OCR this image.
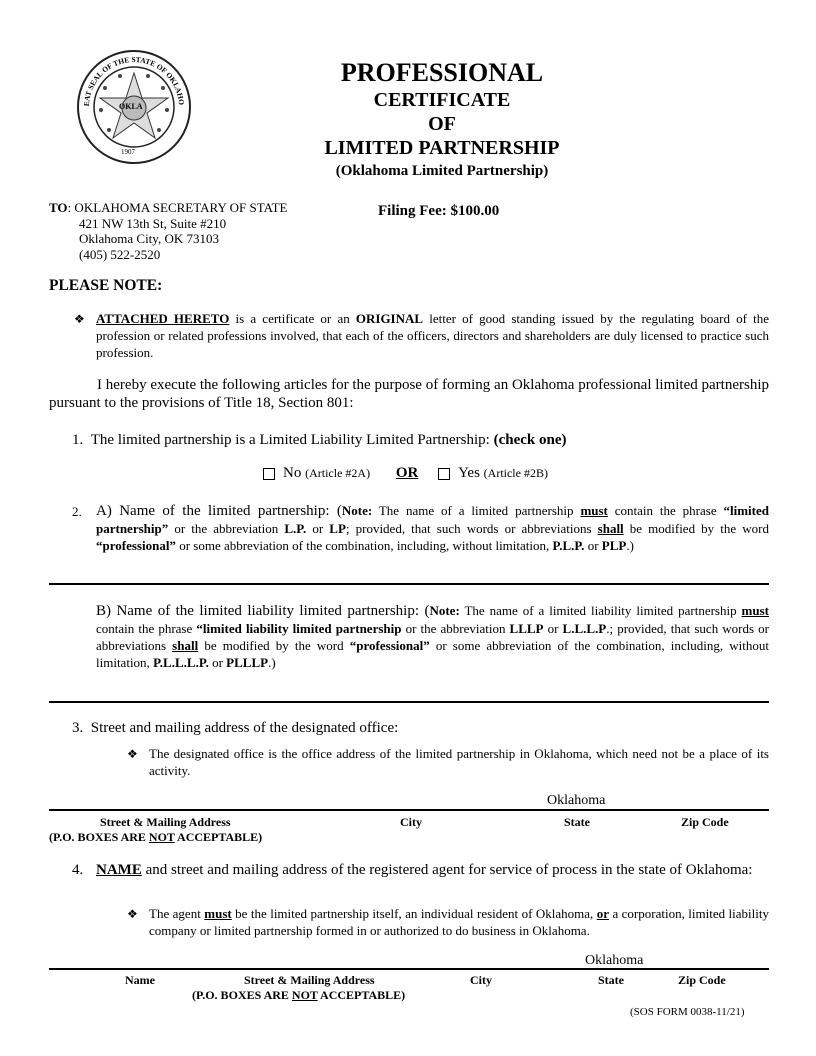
EAT SEAL OF THE STATE OF OKLAHO
1907
OKLA
PROFESSIONAL
CERTIFICATE
OF
LIMITED PARTNERSHIP
(Oklahoma Limited Partnership)
TO: OKLAHOMA SECRETARY OF STATE
421 NW 13th St, Suite #210
Oklahoma City, OK 73103
(405) 522-2520
Filing Fee: $100.00
PLEASE NOTE:
❖ ATTACHED HERETO is a certificate or an ORIGINAL letter of good standing issued by the regulating board of the profession or related professions involved, that each of the officers, directors and shareholders are duly licensed to practice such profession.
I hereby execute the following articles for the purpose of forming an Oklahoma professional limited partnership pursuant to the provisions of Title 18, Section 801:
1. The limited partnership is a Limited Liability Limited Partnership: (check one)
No (Article #2A) OR	Yes (Article #2B)
2. A) Name of the limited partnership: (Note: The name of a limited partnership must contain the phrase “limited partnership” or the abbreviation L.P. or LP; provided, that such words or abbreviations shall be modified by the word “professional” or some abbreviation of the combination, including, without limitation, P.L.P. or PLP.)
B) Name of the limited liability limited partnership: (Note: The name of a limited liability limited partnership must contain the phrase “limited liability limited partnership or the abbreviation LLLP or L.L.L.P.; provided, that such words or abbreviations shall be modified by the word “professional” or some abbreviation of the combination, including, without limitation, P.L.L.L.P. or PLLLP.)
3. Street and mailing address of the designated office:
❖ The designated office is the office address of the limited partnership in Oklahoma, which need not be a place of its activity.
Oklahoma
Street & Mailing Address	City	State	Zip Code
(P.O. BOXES ARE NOT ACCEPTABLE)
4. NAME and street and mailing address of the registered agent for service of process in the state of Oklahoma:
❖ The agent must be the limited partnership itself, an individual resident of Oklahoma, or a corporation, limited liability company or limited partnership formed in or authorized to do business in Oklahoma.
Oklahoma
Name	Street & Mailing Address	City	State	Zip Code
(P.O. BOXES ARE NOT ACCEPTABLE)
(SOS FORM 0038-11/21)
